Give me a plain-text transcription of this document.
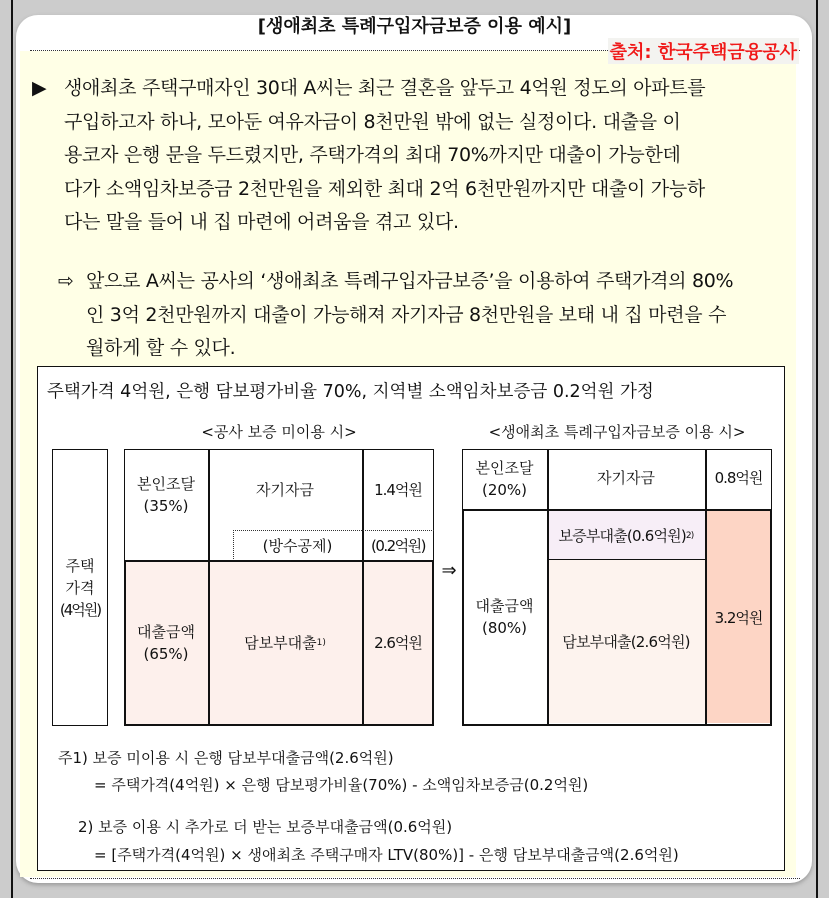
[생애최초 특례구입자금보증 이용 예시]
출처: 한국주택금융공사
▶ 생애최초 주택구매자인 30대 A씨는 최근 결혼을 앞두고 4억원 정도의 아파트를
구입하고자 하나, 모아둔 여유자금이 8천만원 밖에 없는 실정이다. 대출을 이
용코자 은행 문을 두드렸지만, 주택가격의 최대 70%까지만 대출이 가능한데
다가 소액임차보증금 2천만원을 제외한 최대 2억 6천만원까지만 대출이 가능하
다는 말을 들어 내 집 마련에 어려움을 겪고 있다.
⇨ 앞으로 A씨는 공사의 ‘생애최초 특례구입자금보증’을 이용하여 주택가격의 80%
인 3억 2천만원까지 대출이 가능해져 자기자금 8천만원을 보태 내 집 마련을 수
월하게 할 수 있다.
주택가격 4억원, 은행 담보평가비율 70%, 지역별 소액임차보증금 0.2억원 가정
<공사 보증 미이용 시>	<생애최초 특례구입자금보증 이용 시>
주택
가격
(4억원)
본인조달
(35%)
자기자금	1.4억원
(방수공제)	(0.2억원)
대출금액
(65%)
담보부대출 1)	2.6억원
⇒
본인조달
(20%)
자기자금	0.8억원
대출금액
(80%)
보증부대출(0.6억원) 2)
담보부대출(2.6억원)
3.2억원
주1) 보증 미이용 시 은행 담보부대출금액(2.6억원)
= 주택가격(4억원) × 은행 담보평가비율(70%) - 소액임차보증금(0.2억원)
2) 보증 이용 시 추가로 더 받는 보증부대출금액(0.6억원)
= [주택가격(4억원) × 생애최초 주택구매자 LTV(80%)] - 은행 담보부대출금액(2.6억원)
